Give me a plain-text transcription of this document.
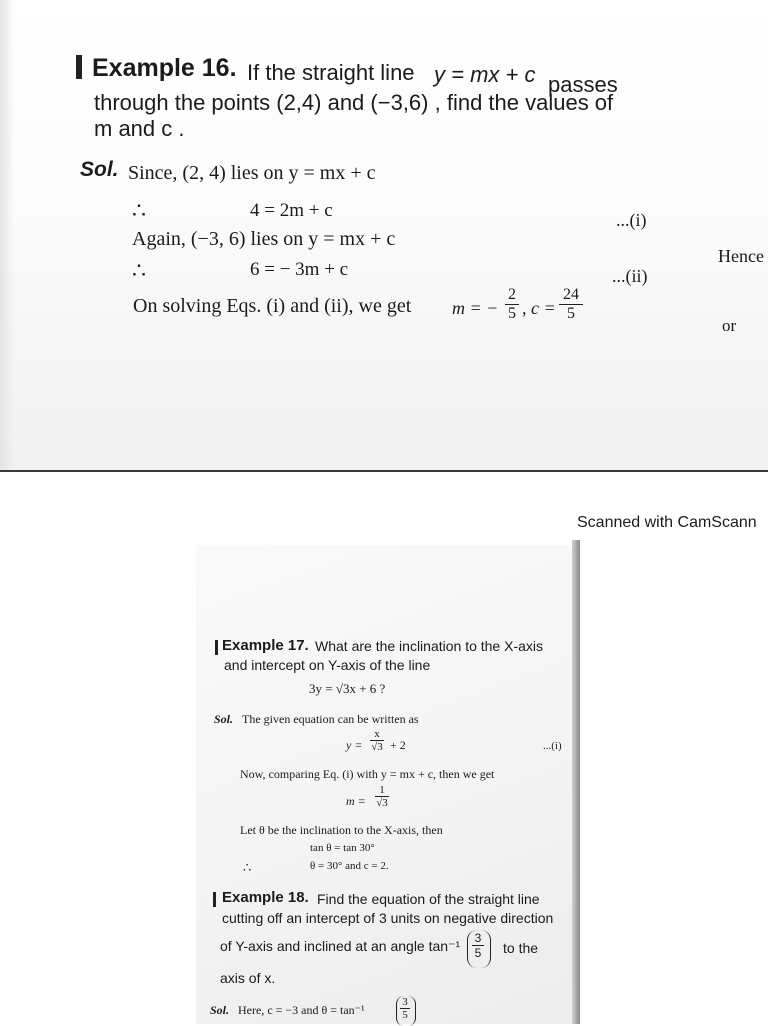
Example 16. If the straight line y = mx + c passes
through the points (2,4) and (−3,6) , find the values of
m and c .
Sol. Since, (2, 4) lies on y = mx + c
∴	4 = 2m + c	...(i)
Again, (−3, 6) lies on y = mx + c
∴	6 = − 3m + c	...(ii)
On solving Eqs. (i) and (ii), we get m = − $\frac{2}{5}$ , $c = \frac{24}{5}$
Hence
or
Scanned with CamScann
Example 17. What are the inclination to the X-axis
and intercept on Y-axis of the line
3y = √3x + 6 ?
Sol. The given equation can be written as
$y = \frac{x}{√3} + 2$	...(i)
Now, comparing Eq. (i) with y = mx + c, then we get
$m = \frac{1}{√3}$
Let θ be the inclination to the X-axis, then
tan θ = tan 30°
∴	θ = 30° and c = 2.
Example 18. Find the equation of the straight line
cutting off an intercept of 3 units on negative direction
of Y-axis and inclined at an angle $\tan^{-1} \frac{3}{5}$ to the
axis of x.
Sol. Here, c = −3 and θ = tan⁻¹	$\frac{3}{5}$
